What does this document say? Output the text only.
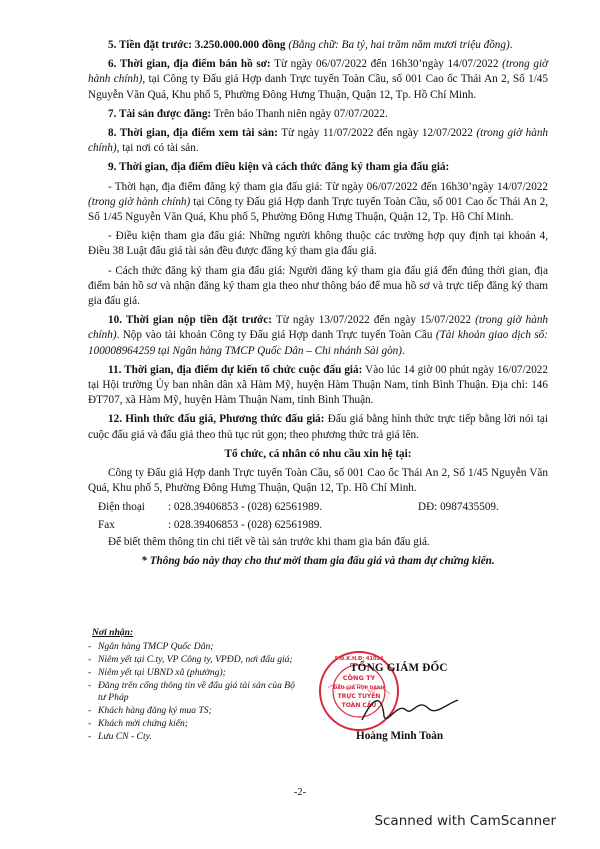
5. Tiền đặt trước: 3.250.000.000 đồng (Bằng chữ: Ba tỷ, hai trăm năm mươi triệu đồng).

6. Thời gian, địa điểm bán hồ sơ: Từ ngày 06/07/2022 đến 16h30’ngày 14/07/2022 (trong giờ hành chính), tại Công ty Đấu giá Hợp danh Trực tuyến Toàn Cầu, số 001 Cao ốc Thái An 2, Số 1/45 Nguyễn Văn Quá, Khu phố 5, Phường Đông Hưng Thuận, Quận 12, Tp. Hồ Chí Minh.

7. Tài sản được đăng: Trên báo Thanh niên ngày 07/07/2022.

8. Thời gian, địa điểm xem tài sản: Từ ngày 11/07/2022 đến ngày 12/07/2022 (trong giờ hành chính), tại nơi có tài sản.

9. Thời gian, địa điểm điều kiện và cách thức đăng ký tham gia đấu giá:

- Thời hạn, địa điểm đăng ký tham gia đấu giá: Từ ngày 06/07/2022 đến 16h30’ngày 14/07/2022 (trong giờ hành chính) tại Công ty Đấu giá Hợp danh Trực tuyến Toàn Cầu, số 001 Cao ốc Thái An 2, Số 1/45 Nguyễn Văn Quá, Khu phố 5, Phường Đông Hưng Thuận, Quận 12, Tp. Hồ Chí Minh.

- Điều kiện tham gia đấu giá: Những người không thuộc các trường hợp quy định tại khoản 4, Điều 38 Luật đấu giá tài sản đều được đăng ký tham gia đấu giá.

- Cách thức đăng ký tham gia đấu giá: Người đăng ký tham gia đấu giá đến đúng thời gian, địa điểm bán hồ sơ và nhận đăng ký tham gia theo như thông báo để mua hồ sơ và trực tiếp đăng ký tham gia đấu giá.

10. Thời gian nộp tiền đặt trước: Từ ngày 13/07/2022 đến ngày 15/07/2022 (trong giờ hành chính). Nộp vào tài khoản Công ty Đấu giá Hợp danh Trực tuyến Toàn Cầu (Tài khoản giao dịch số: 100008964259 tại Ngân hàng TMCP Quốc Dân – Chi nhánh Sài gòn).

11. Thời gian, địa điểm dự kiến tổ chức cuộc đấu giá: Vào lúc 14 giờ 00 phút ngày 16/07/2022 tại Hội trường Ủy ban nhân dân xã Hàm Mỹ, huyện Hàm Thuận Nam, tỉnh Bình Thuận. Địa chỉ: 146 ĐT707, xã Hàm Mỹ, huyện Hàm Thuận Nam, tỉnh Bình Thuận.

12. Hình thức đấu giá, Phương thức đấu giá: Đấu giá bằng hình thức trực tiếp bằng lời nói tại cuộc đấu giá và đấu giá theo thủ tục rút gọn; theo phương thức trả giá lên.

Tổ chức, cá nhân có nhu cầu xin hệ tại:

Công ty Đấu giá Hợp danh Trực tuyến Toàn Cầu, số 001 Cao ốc Thái An 2, Số 1/45 Nguyễn Văn Quá, Khu phố 5, Phường Đông Hưng Thuận, Quận 12, Tp. Hồ Chí Minh.

Điện thoại	: 028.39406853 - (028) 62561989.	DĐ: 0987435509.
Fax	: 028.39406853 - (028) 62561989.

Để biết thêm thông tin chi tiết về tài sản trước khi tham gia bán đấu giá.

* Thông báo này thay cho thư mời tham gia đấu giá và tham dự chứng kiến.

Nơi nhận:
- Ngân hàng TMCP Quốc Dân;
- Niêm yết tại C.ty, VP Công ty, VPĐD, nơi đấu giá;
- Niêm yết tại UBND xã (phường);
- Đăng trên cổng thông tin về đấu giá tài sản của Bộ tư Pháp
- Khách hàng đăng ký mua TS;
- Khách mời chứng kiến;
- Lưu CN - Cty.
CÔNG TY
ĐẤU GIÁ HỢP DANH
TRỰC TUYẾN
TOÀN CẦU
S.Đ.K.H.Đ: 41024
TỔNG GIÁM ĐỐC
Hoàng Minh Toàn
-2-
Scanned with CamScanner
